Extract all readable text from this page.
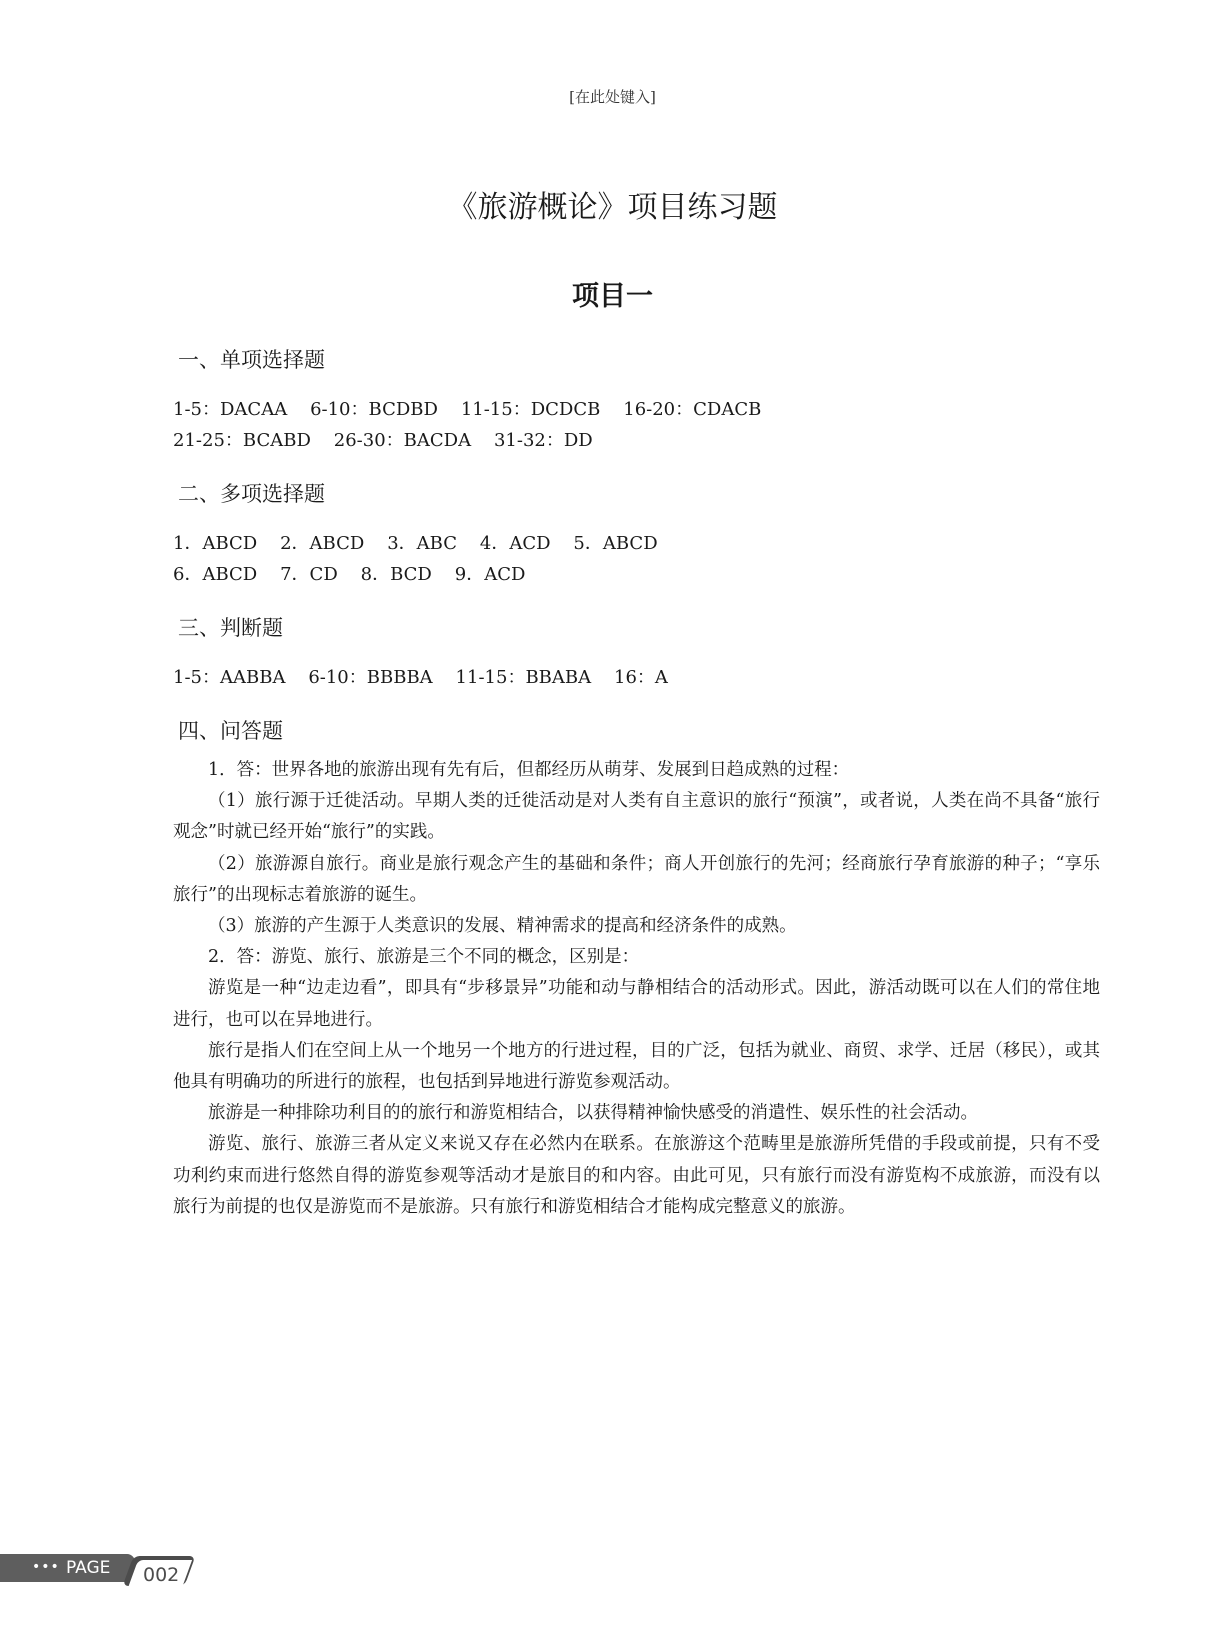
[在此处键入]
《旅游概论》项目练习题
项目一
一、单项选择题
1-5：DACAA    6-10：BCDBD    11-15：DCDCB    16-20：CDACB
21-25：BCABD    26-30：BACDA    31-32：DD
二、多项选择题
1．ABCD    2．ABCD    3．ABC    4．ACD    5．ABCD
6．ABCD    7．CD    8．BCD    9．ACD
三、判断题
1-5：AABBA    6-10：BBBBA    11-15：BBABA    16：A
四、问答题

1．答：世界各地的旅游出现有先有后，但都经历从萌芽、发展到日趋成熟的过程：

（1）旅行源于迁徙活动。早期人类的迁徙活动是对人类有自主意识的旅行“预演”，或者说，人类在尚不具备“旅行观念”时就已经开始“旅行”的实践。

（2）旅游源自旅行。商业是旅行观念产生的基础和条件；商人开创旅行的先河；经商旅行孕育旅游的种子；“享乐旅行”的出现标志着旅游的诞生。

（3）旅游的产生源于人类意识的发展、精神需求的提高和经济条件的成熟。

2．答：游览、旅行、旅游是三个不同的概念，区别是：

游览是一种“边走边看”，即具有“步移景异”功能和动与静相结合的活动形式。因此，游活动既可以在人们的常住地进行，也可以在异地进行。

旅行是指人们在空间上从一个地另一个地方的行进过程，目的广泛，包括为就业、商贸、求学、迁居（移民），或其他具有明确功的所进行的旅程，也包括到异地进行游览参观活动。

旅游是一种排除功利目的的旅行和游览相结合，以获得精神愉快感受的消遣性、娱乐性的社会活动。

游览、旅行、旅游三者从定义来说又存在必然内在联系。在旅游这个范畴里是旅游所凭借的手段或前提，只有不受功利约束而进行悠然自得的游览参观等活动才是旅目的和内容。由此可见，只有旅行而没有游览构不成旅游，而没有以旅行为前提的也仅是游览而不是旅游。只有旅行和游览相结合才能构成完整意义的旅游。

••• PAGE 002
